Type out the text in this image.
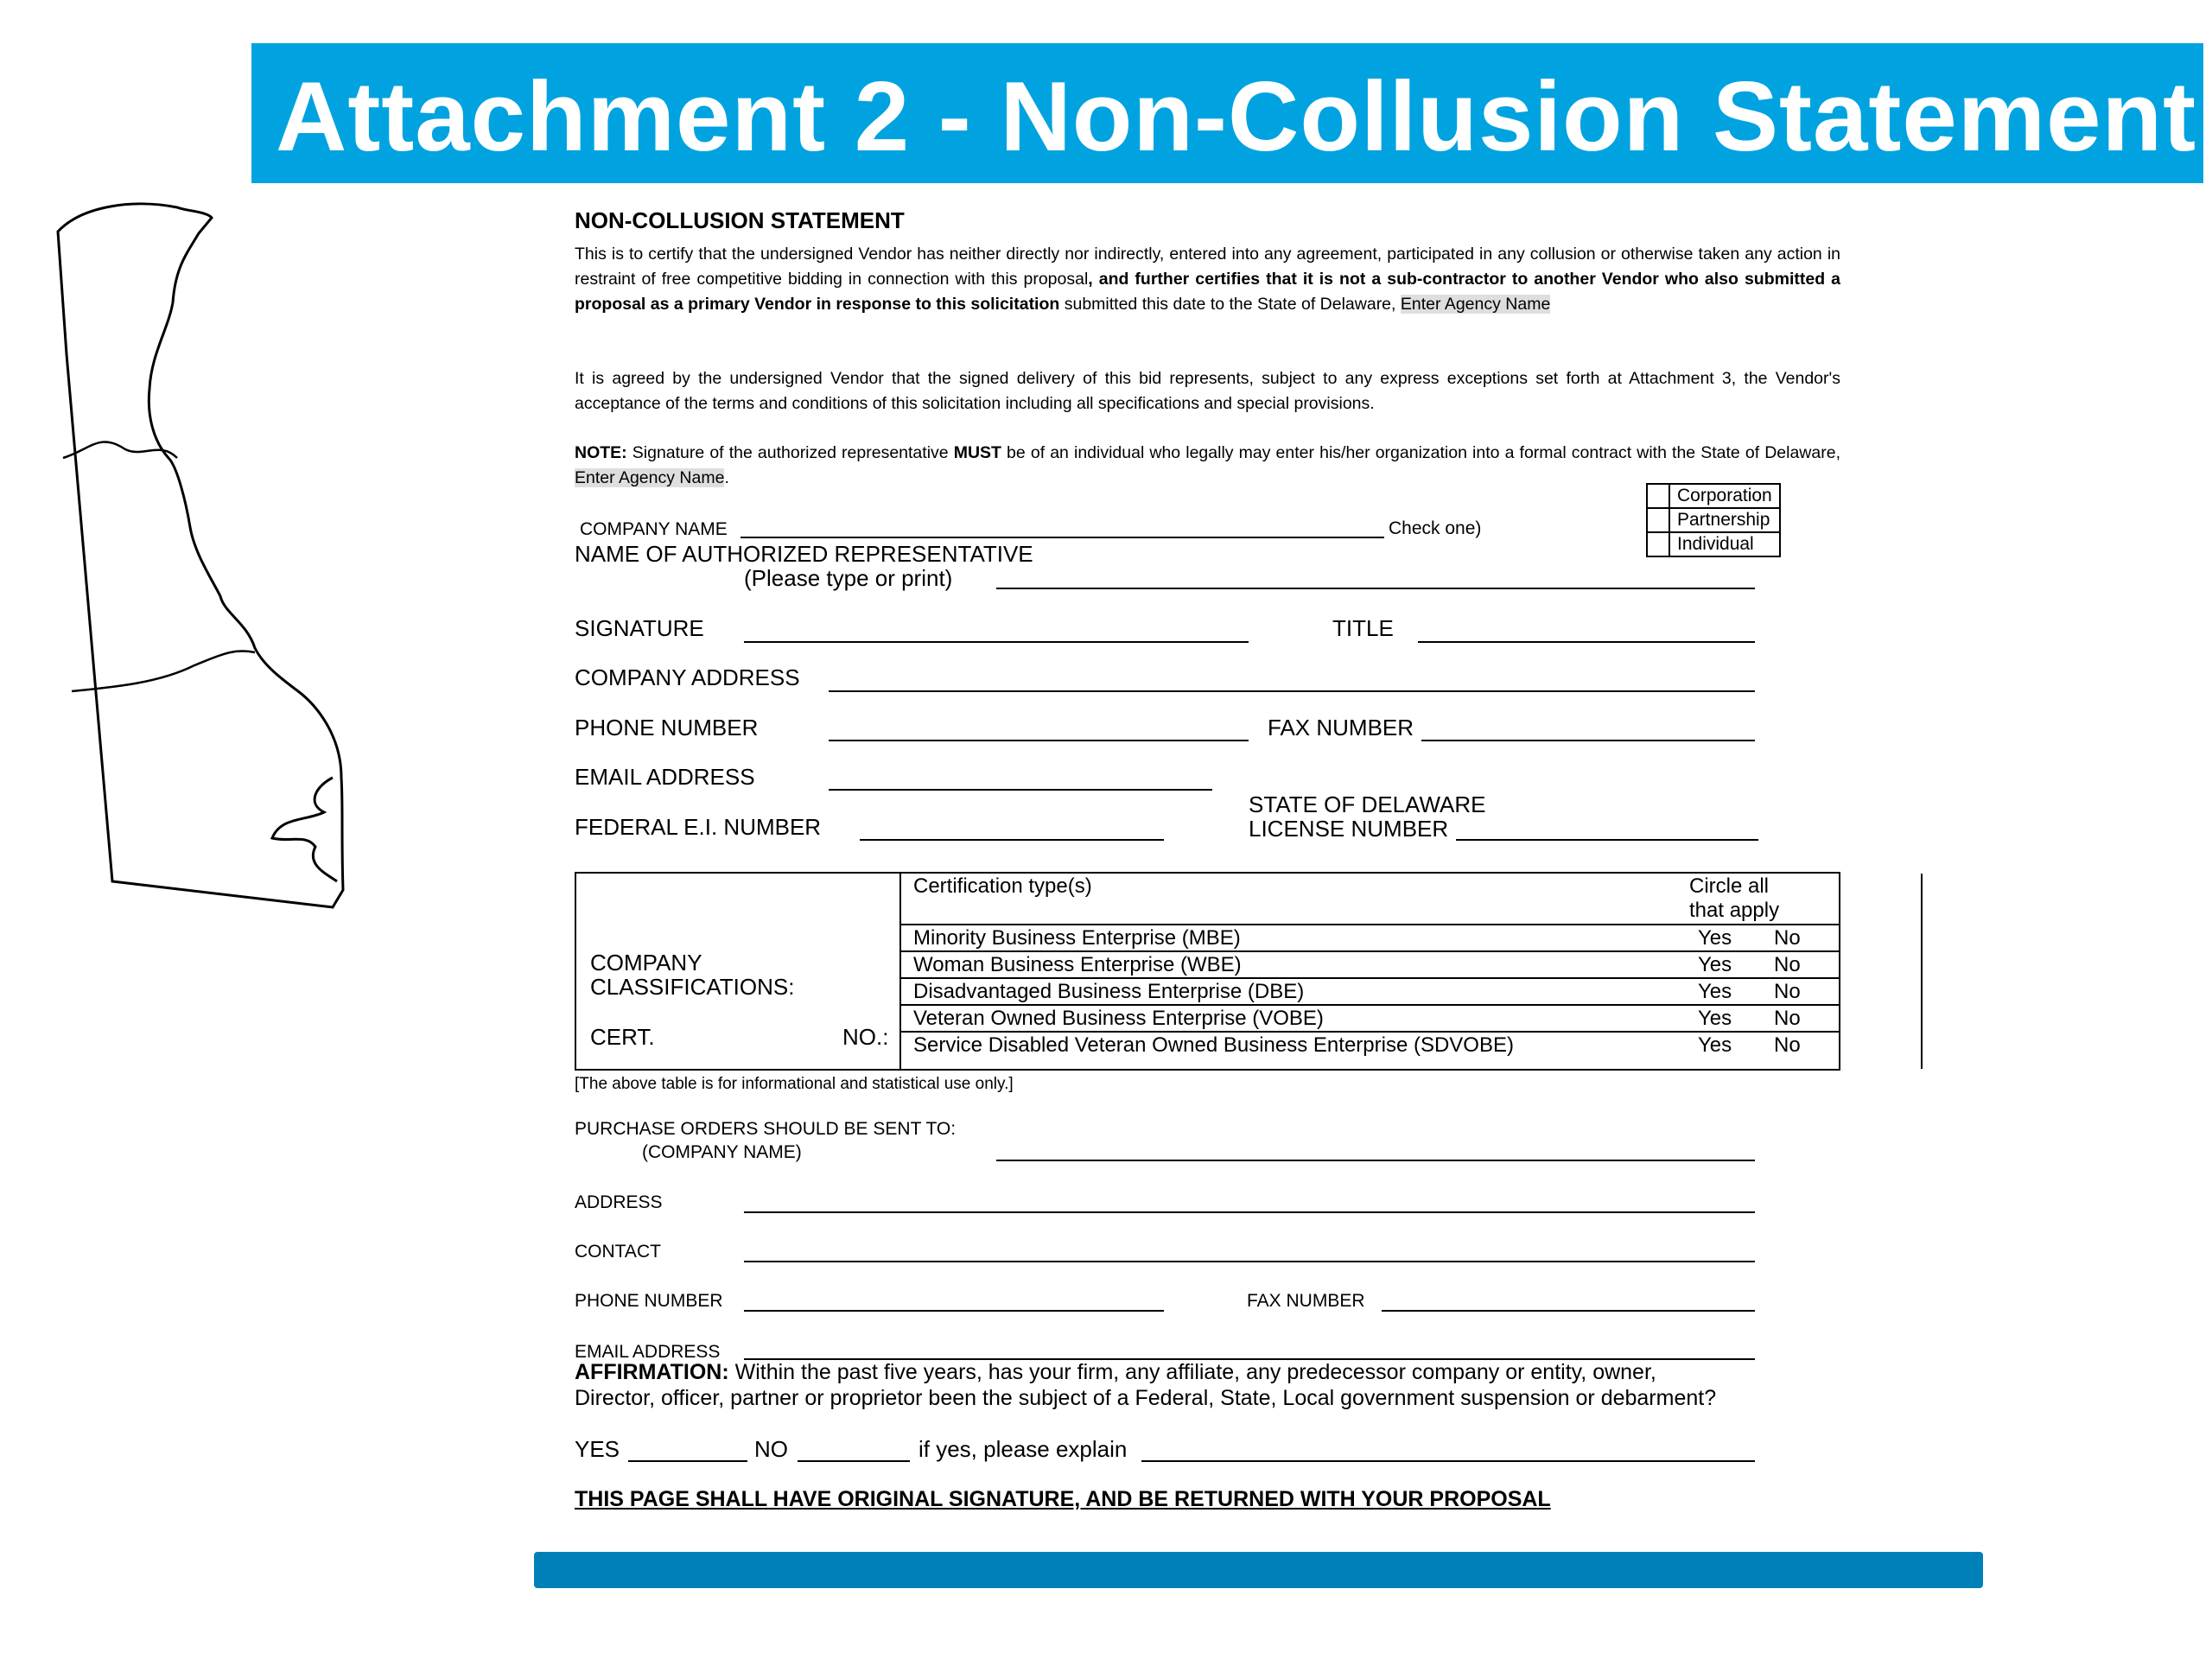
Attachment 2 - Non-Collusion Statement
NON-COLLUSION STATEMENT
This is to certify that the undersigned Vendor has neither directly nor indirectly, entered into any agreement, participated in any collusion or otherwise taken any action in restraint of free competitive bidding in connection with this proposal, and further certifies that it is not a sub-contractor to another Vendor who also submitted a proposal as a primary Vendor in response to this solicitation submitted this date to the State of Delaware, Enter Agency Name
It is agreed by the undersigned Vendor that the signed delivery of this bid represents, subject to any express exceptions set forth at Attachment 3, the Vendor's acceptance of the terms and conditions of this solicitation including all specifications and special provisions.
NOTE: Signature of the authorized representative MUST be of an individual who legally may enter his/her organization into a formal contract with the State of Delaware, Enter Agency Name.
	Corporation
	Partnership
	Individual
COMPANY NAME	Check one)
NAME OF AUTHORIZED REPRESENTATIVE
(Please type or print)
SIGNATURE	TITLE
COMPANY ADDRESS
PHONE NUMBER	FAX NUMBER
EMAIL ADDRESS
STATE OF DELAWARE
LICENSE NUMBER
FEDERAL E.I. NUMBER
COMPANY
CLASSIFICATIONS:
CERT.	NO.:
Certification type(s)	Circle all that apply
Minority Business Enterprise (MBE)	Yes No
Woman Business Enterprise (WBE)	Yes No
Disadvantaged Business Enterprise (DBE)	Yes No
Veteran Owned Business Enterprise (VOBE)	Yes No
Service Disabled Veteran Owned Business Enterprise (SDVOBE)	Yes No
[The above table is for informational and statistical use only.]
PURCHASE ORDERS SHOULD BE SENT TO:
(COMPANY NAME)
ADDRESS
CONTACT
PHONE NUMBER	FAX NUMBER
EMAIL ADDRESS
AFFIRMATION: Within the past five years, has your firm, any affiliate, any predecessor company or entity, owner,
Director, officer, partner or proprietor been the subject of a Federal, State, Local government suspension or debarment?
YES	NO	if yes, please explain
THIS PAGE SHALL HAVE ORIGINAL SIGNATURE, AND BE RETURNED WITH YOUR PROPOSAL
